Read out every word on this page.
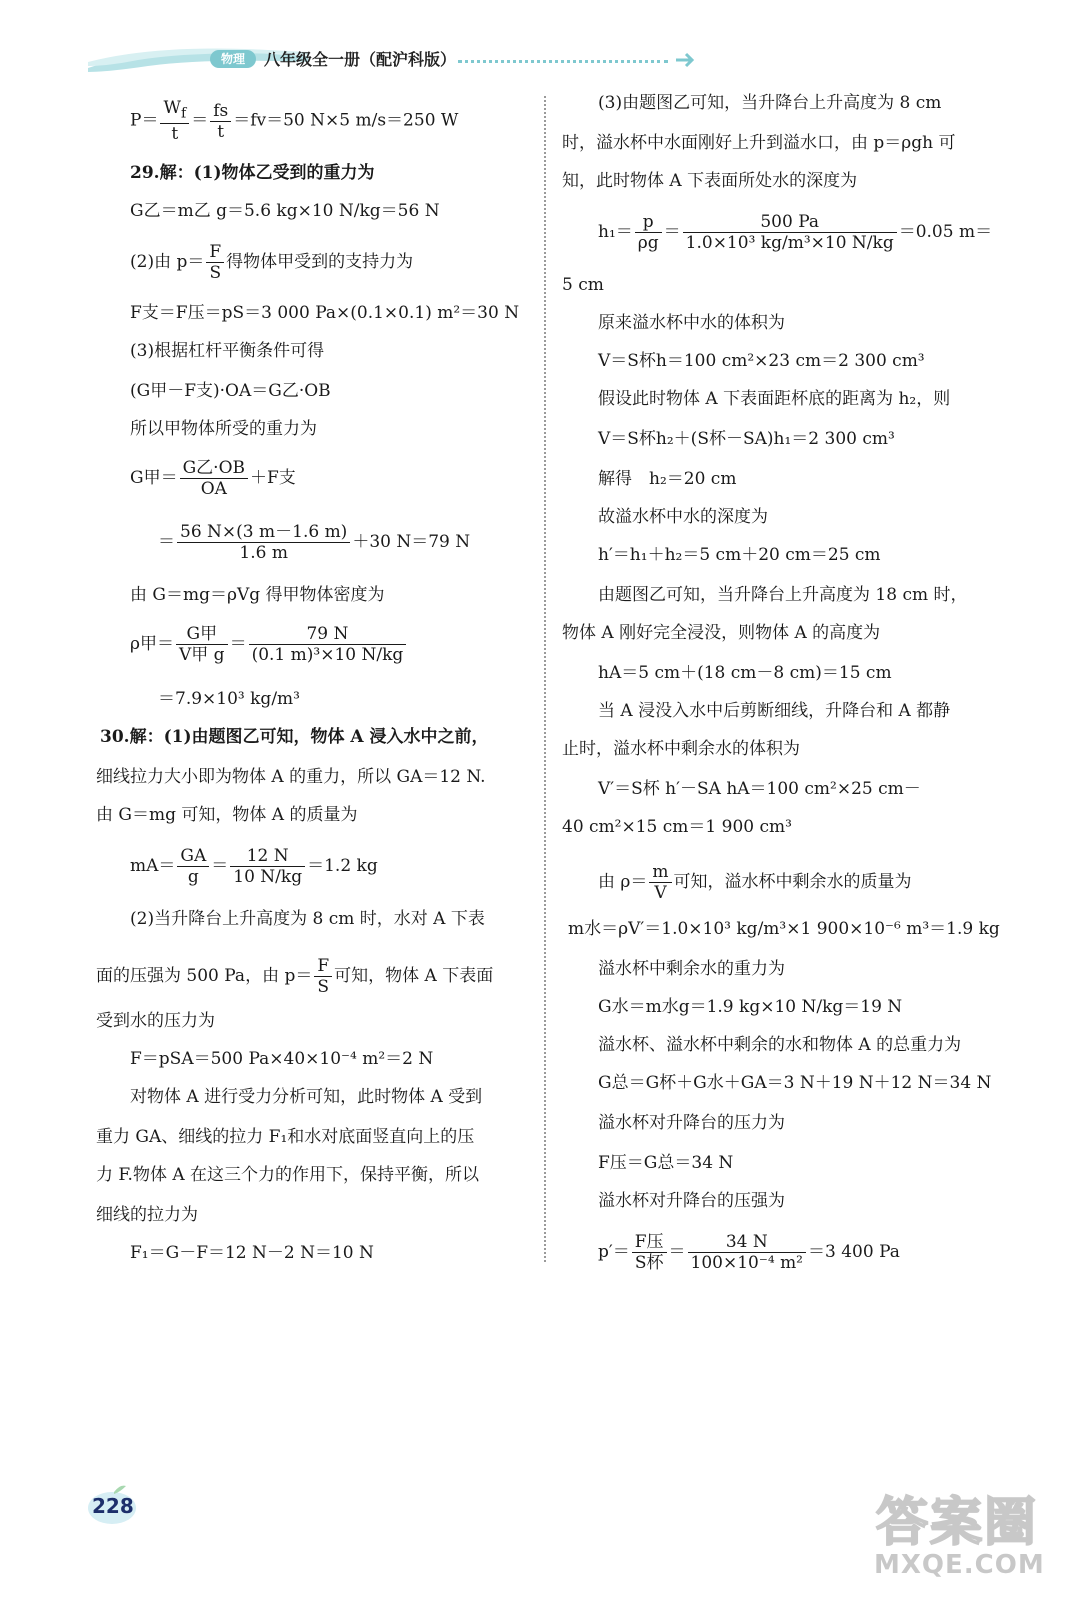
物理	八年级全一册（配沪科版）
$P= \frac{W_f}{t} = \frac{fs}{t} =fv=50$ N×5 m/s＝250 W
29.解：(1)物体乙受到的重力为
G乙＝m乙 g＝5.6 kg×10 N/kg＝56 N
(2)由 $p= \frac{F}{S}$ 得物体甲受到的支持力为
F支＝F压＝pS＝3 000 Pa×(0.1×0.1) m²＝30 N
(3)根据杠杆平衡条件可得
(G甲－F支)·OA＝G乙·OB
所以甲物体所受的重力为
G甲＝ $\frac{\text{G乙·OB}}{OA} +F$支
＝ $\frac{56 N\times(3 m-1.6 m)}{1.6 m} +30$ N＝79 N
由 G＝mg＝ρVg 得甲物体密度为
ρ甲＝ $\frac{\text{G甲}}{\text{V甲 g}} = \frac{79 N}{\text{(0.1 m)³×10 N/kg}}$
＝7.9×10³ kg/m³
30.解：(1)由题图乙可知，物体 A 浸入水中之前，
细线拉力大小即为物体 A 的重力，所以 GA＝12 N.
由 G＝mg 可知，物体 A 的质量为
$mA= \frac{GA}{g} = \frac{12 N}{10 N/kg} =1.2$ kg
(2)当升降台上升高度为 8 cm 时，水对 A 下表
面的压强为 500 Pa，由 $p= \frac{F}{S}$ 可知，物体 A 下表面
受到水的压力为
F＝pSA＝500 Pa×40×10⁻⁴ m²＝2 N
对物体 A 进行受力分析可知，此时物体 A 受到
重力 GA、细线的拉力 F₁和水对底面竖直向上的压
力 F.物体 A 在这三个力的作用下，保持平衡，所以
细线的拉力为
F₁＝G－F＝12 N－2 N＝10 N
(3)由题图乙可知，当升降台上升高度为 8 cm
时，溢水杯中水面刚好上升到溢水口，由 p＝ρgh 可
知，此时物体 A 下表面所处水的深度为
$h_1= \frac{p}{\rho g} = \frac{500 Pa}{\text{1.0×10³ kg/m³×10 N/kg}} =0.05$ m＝
5 cm
原来溢水杯中水的体积为
V＝S杯h＝100 cm²×23 cm＝2 300 cm³
假设此时物体 A 下表面距杯底的距离为 h₂，则
V＝S杯h₂＋(S杯－SA)h₁＝2 300 cm³
解得　h₂＝20 cm
故溢水杯中水的深度为
h′＝h₁＋h₂＝5 cm＋20 cm＝25 cm
由题图乙可知，当升降台上升高度为 18 cm 时，
物体 A 刚好完全浸没，则物体 A 的高度为
hA＝5 cm＋(18 cm－8 cm)＝15 cm
当 A 浸没入水中后剪断细线，升降台和 A 都静
止时，溢水杯中剩余水的体积为
V′＝S杯 h′－SA hA＝100 cm²×25 cm－
40 cm²×15 cm＝1 900 cm³
由 $\rho= \frac{m}{V}$ 可知，溢水杯中剩余水的质量为
m水＝ρV′＝1.0×10³ kg/m³×1 900×10⁻⁶ m³＝1.9 kg
溢水杯中剩余水的重力为
G水＝m水g＝1.9 kg×10 N/kg＝19 N
溢水杯、溢水杯中剩余的水和物体 A 的总重力为
G总＝G杯＋G水＋GA＝3 N＋19 N＋12 N＝34 N
溢水杯对升降台的压力为
F压＝G总＝34 N
溢水杯对升降台的压强为
$p'= \frac{\text{F压}}{\text{S杯}} = \frac{34 N}{\text{100×10⁻⁴ m²}} =3$ 400 Pa
228	答案圈
MXQE.COM
